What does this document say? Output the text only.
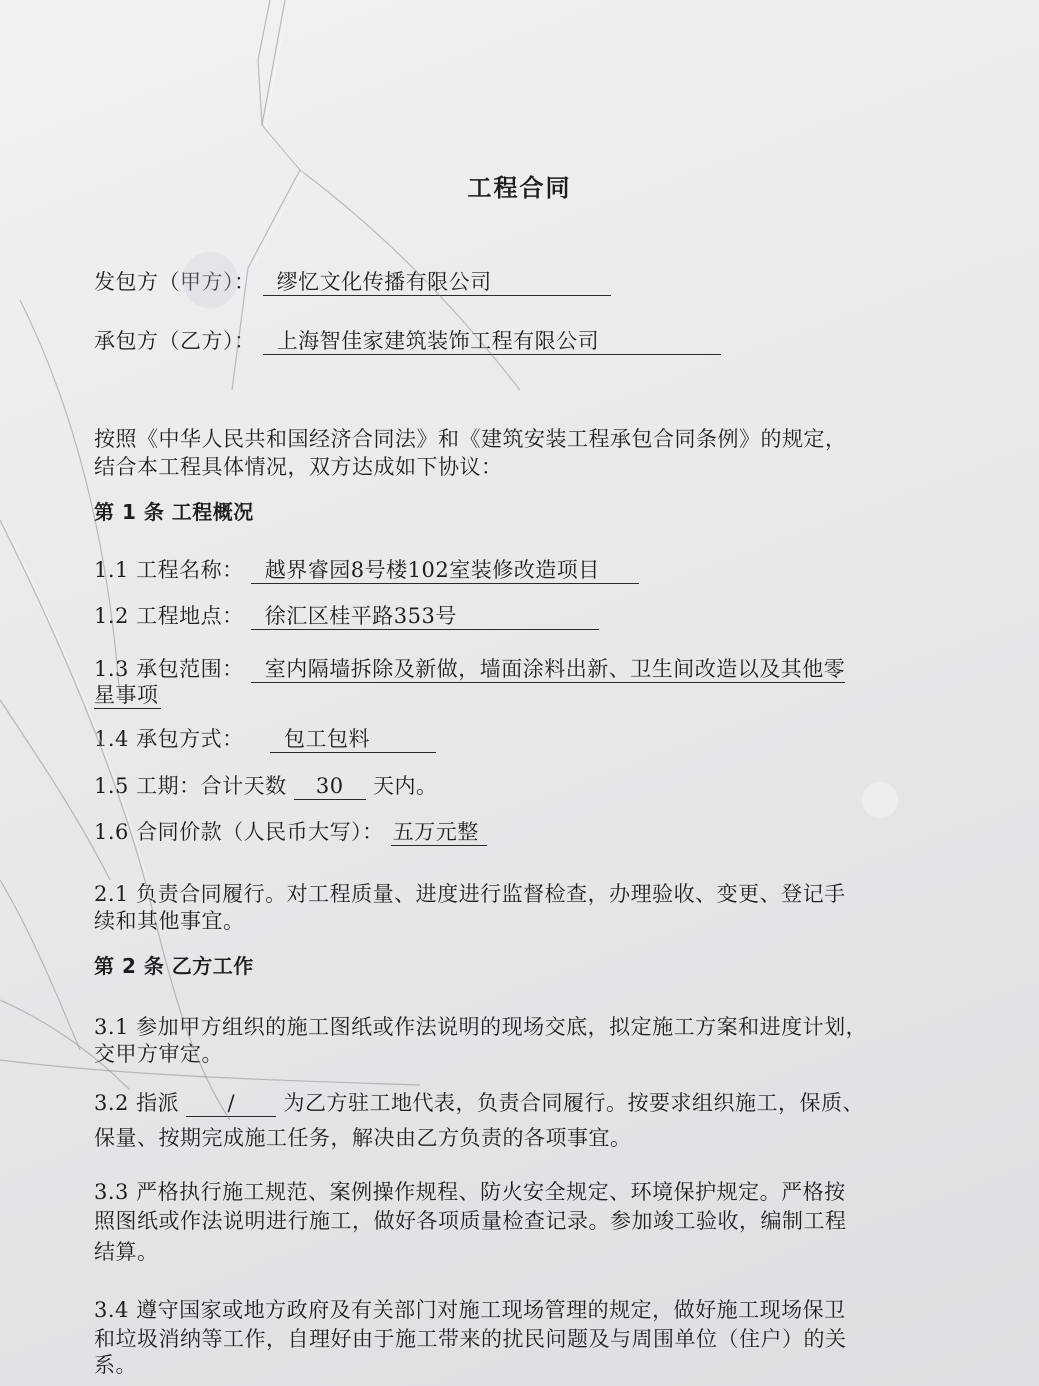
工程合同
发包方（甲方）： 缪忆文化传播有限公司
承包方（乙方）： 上海智佳家建筑装饰工程有限公司
按照《中华人民共和国经济合同法》和《建筑安装工程承包合同条例》的规定，
结合本工程具体情况，双方达成如下协议：
第 1 条 工程概况
1.1 工程名称： 越界睿园8号楼102室装修改造项目
1.2 工程地点： 徐汇区桂平路353号
1.3 承包范围： 室内隔墙拆除及新做，墙面涂料出新、卫生间改造以及其他零
星事项
1.4 承包方式： 包工包料
1.5 工期：合计天数 30 天内。
1.6 合同价款（人民币大写）： 五万元整
2.1 负责合同履行。对工程质量、进度进行监督检查，办理验收、变更、登记手
续和其他事宜。
第 2 条 乙方工作
3.1 参加甲方组织的施工图纸或作法说明的现场交底，拟定施工方案和进度计划，
交甲方审定。
3.2 指派 / 为乙方驻工地代表，负责合同履行。按要求组织施工，保质、
保量、按期完成施工任务，解决由乙方负责的各项事宜。
3.3 严格执行施工规范、案例操作规程、防火安全规定、环境保护规定。严格按
照图纸或作法说明进行施工，做好各项质量检查记录。参加竣工验收，编制工程
结算。
3.4 遵守国家或地方政府及有关部门对施工现场管理的规定，做好施工现场保卫
和垃圾消纳等工作，自理好由于施工带来的扰民问题及与周围单位（住户）的关
系。
